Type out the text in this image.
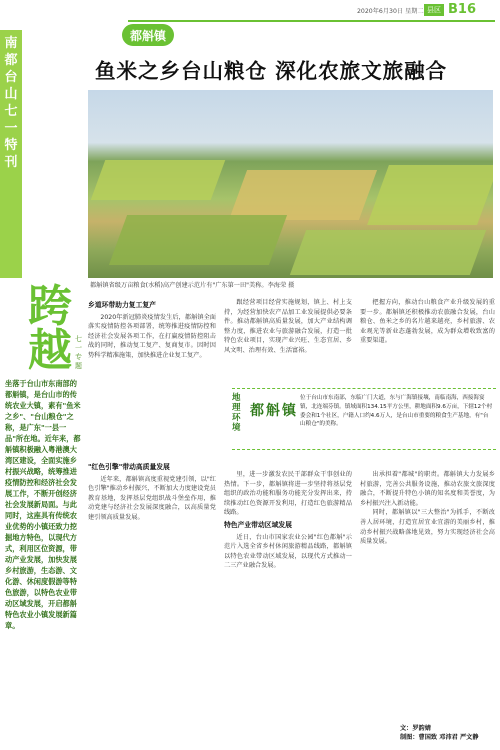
2020年6月30日 星期二 县区 B16
南都台山七一特刊
跨越 七一专题
坐落于台山市东南部的都斛镇，是台山市的传统农业大镇，素有"鱼米之乡"、"台山粮仓"之称，是广东"一县一品"所在地。近年来，都斛镇积极融入粤港澳大湾区建设，全面实施乡村振兴战略，统筹推进疫情防控和经济社会发展工作，不断开创经济社会发展新局面。与此同时，这座具有传统农业优势的小镇还致力挖掘地方特色，以现代方式，利用区位资源，带动产业发展，加快发展乡村旅游，生态游、文化游、休闲度假游等特色旅游，以特色农业带动区域发展，开启都斛特色农业小镇发展新篇章。
都斛镇
鱼米之乡台山粮仓 深化农旅文旅融合
都斛镇省级万亩粮食(水稻)高产创建示范片有"广东第一田"美称。李海荣 摄
乡道环带助力复工复产

2020年新冠肺炎疫情发生后，都斛镇全面落实疫情防控各项部署，统筹推进疫情防控和经济社会发展各项工作，在打赢疫情防控阻击战的同时，推动复工复产、复商复市。因时因势科学精准施策，加快推进企业复工复产。

"红色引擎"带动高质量发展

近年来，都斛镇高度重视党建引领，以"红色引擎"推动乡村振兴，不断加大力度建设党员教育基地，发挥基层党组织战斗堡垒作用，推动党建与经济社会发展深度融合，以高质量党建引领高质量发展。

跟经营项目经营实施规划，镇上、村上支持，为经营加快农产品加工业发展提供必要条件。推动都斛镇高质量发展，加大产业结构调整力度，推进农业与旅游融合发展，打造一批特色农业项目，实现产业兴旺、生态宜居、乡风文明、治理有效、生活富裕。

里，进一步激发农民干部群众干事创业的热情。下一步，都斛镇将进一步坚持将基层党组织的政治功能和服务功能充分发挥出来，持续推动红色资源开发利用，打造红色旅游精品线路。

特色产业带动区域发展

近日，台山市国家农业公园"红色都斛"示范片入选全省乡村休闲旅游精品线路，都斛镇以特色农业带动区域发展，以现代方式推动一二三产业融合发展。

把握方向，推动台山粮食产业升级发展的重要一步。都斛镇还积极推动农旅融合发展，台山粮仓、鱼米之乡的名片越来越亮，乡村旅游、农业观光等新业态蓬勃发展，成为群众增收致富的重要渠道。

出承担着"都城"的职责。都斛镇大力发展乡村旅游，完善公共服务设施，推动农旅文旅深度融合，不断提升特色小镇的知名度和美誉度，为乡村振兴注入新动能。

同时，都斛镇以"三大整治"为抓手，不断改善人居环境，打造宜居宜业宜游的美丽乡村，推动乡村振兴战略落地见效，努力实现经济社会高质量发展。

地理环境
都斛镇
位于台山市东南部，东临广门大道，东与广海镇接壤，南临南海，西接海宴镇，北连端芬镇。镇域面积134.15平方公里，耕地面积9.6万亩，下辖12个村委会和1个社区，户籍人口约4.6万人，是台山市重要的粮食生产基地，有"台山粮仓"的美称。
文：罗韵婧
制图：曹国致 邓沛君 严文静
